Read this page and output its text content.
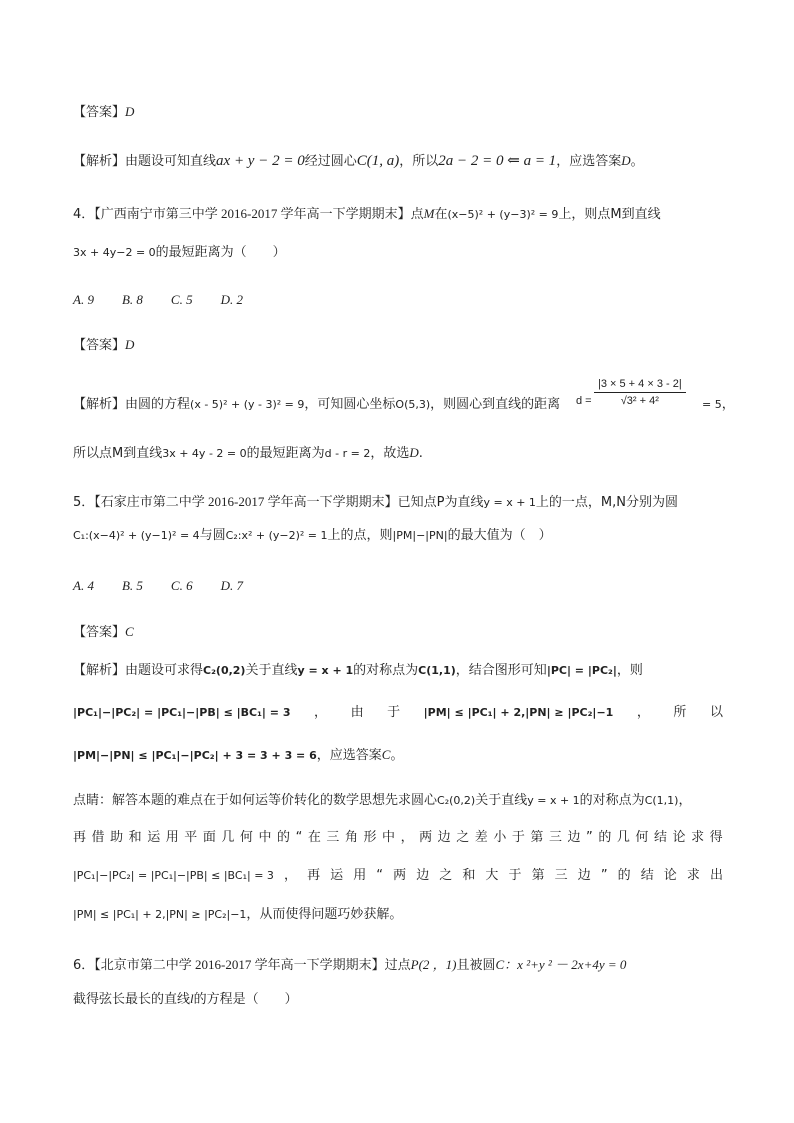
【答案】D
【解析】由题设可知直线ax + y − 2 = 0经过圆心C(1, a)，所以2a − 2 = 0 ⇐ a = 1，应选答案D。
4．【广西南宁市第三中学 2016-2017 学年高一下学期期末】点M在(x−5)² + (y−3)² = 9上，则点M到直线
3x + 4y−2 = 0的最短距离为（　　）
A. 9 B. 8 C. 5 D. 2
【答案】D
【解析】由圆的方程(x - 5)² + (y - 3)² = 9，可知圆心坐标O(5,3)，则圆心到直线的距离 d =
|3 × 5 + 4 × 3 - 2|
√3² + 4²	= 5，
所以点M到直线3x + 4y - 2 = 0的最短距离为d - r = 2，故选D.
5．【石家庄市第二中学 2016-2017 学年高一下学期期末】已知点P为直线y = x + 1上的一点，M,N分别为圆
C₁:(x−4)² + (y−1)² = 4与圆C₂:x² + (y−2)² = 1上的点，则|PM|−|PN|的最大值为（　）
A. 4 B. 5 C. 6 D. 7
【答案】C
【解析】由题设可求得C₂(0,2)关于直线y = x + 1的对称点为C(1,1)，结合图形可知|PC| = |PC₂|，则
|PC₁|−|PC₂| = |PC₁|−|PB| ≤ |BC₁| = 3 ， 由 于 |PM| ≤ |PC₁| + 2,|PN| ≥ |PC₂|−1 ， 所 以
|PM|−|PN| ≤ |PC₁|−|PC₂| + 3 = 3 + 3 = 6，应选答案C。
点睛：解答本题的难点在于如何运等价转化的数学思想先求圆心C₂(0,2)关于直线y = x + 1的对称点为C(1,1)，
再 借 助 和 运 用 平 面 几 何 中 的 “ 在 三 角 形 中 ， 两 边 之 差 小 于 第 三 边 ” 的 几 何 结 论 求 得
|PC₁|−|PC₂| = |PC₁|−|PB| ≤ |BC₁| = 3 ， 再 运 用 “ 两 边 之 和 大 于 第 三 边 ” 的 结 论 求 出
|PM| ≤ |PC₁| + 2,|PN| ≥ |PC₂|−1，从而使得问题巧妙获解。
6．【北京市第二中学 2016-2017 学年高一下学期期末】过点P(2 ，1)且被圆C：x ²+y ² － 2x+4y = 0
截得弦长最长的直线l的方程是（　　）
